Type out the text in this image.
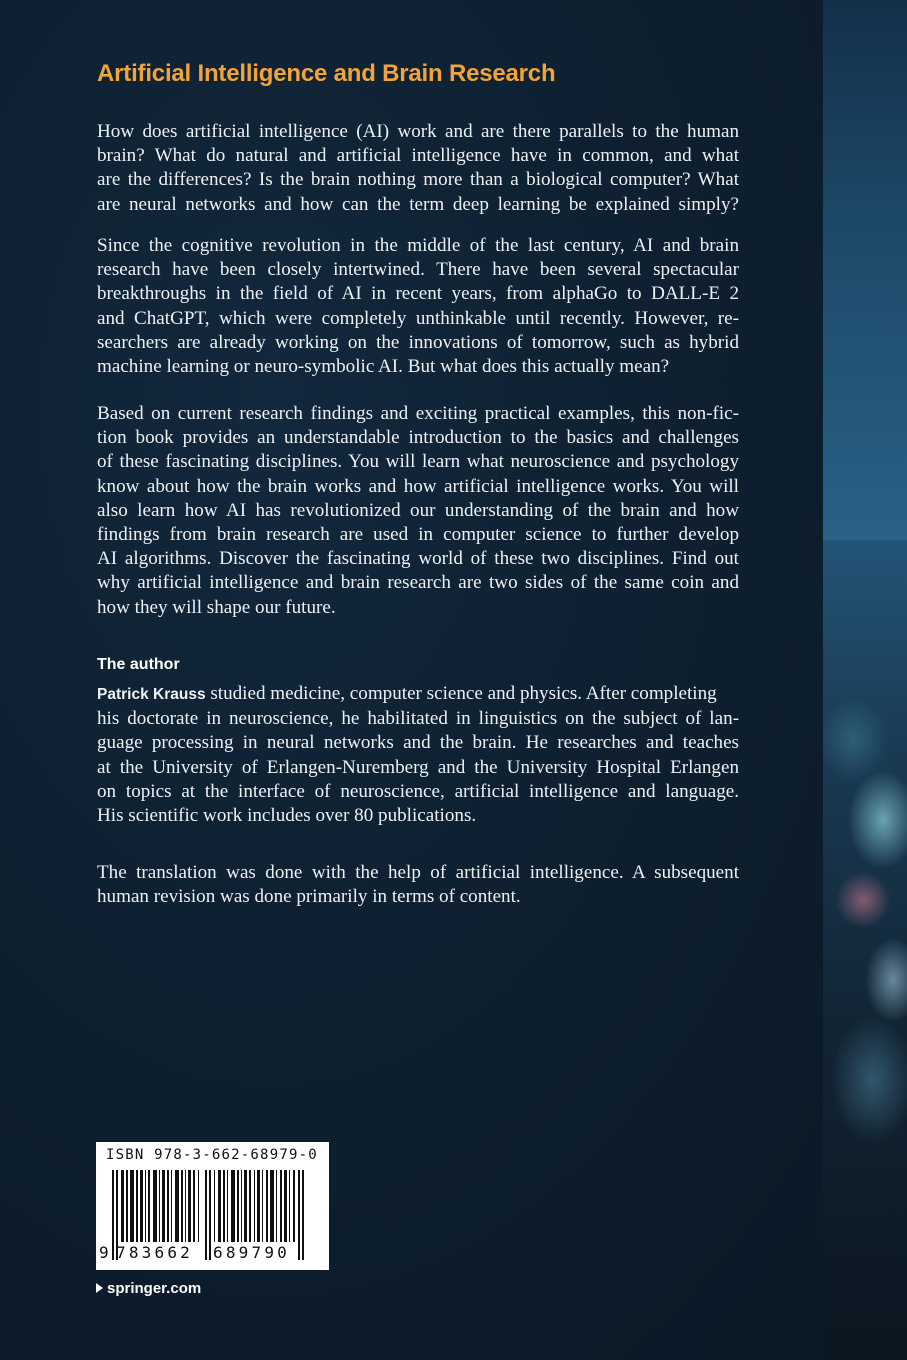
Artificial Intelligence and Brain Research

How does artificial intelligence (AI) work and are there parallels to the human
brain? What do natural and artificial intelligence have in common, and what
are the differences? Is the brain nothing more than a biological computer? What
are neural networks and how can the term deep learning be explained simply?

Since the cognitive revolution in the middle of the last century, AI and brain
research have been closely intertwined. There have been several spectacular
breakthroughs in the field of AI in recent years, from alphaGo to DALL-E 2
and ChatGPT, which were completely unthinkable until recently. However, re-
searchers are already working on the innovations of tomorrow, such as hybrid
machine learning or neuro-symbolic AI. But what does this actually mean?

Based on current research findings and exciting practical examples, this non-fic-
tion book provides an understandable introduction to the basics and challenges
of these fascinating disciplines. You will learn what neuroscience and psychology
know about how the brain works and how artificial intelligence works. You will
also learn how AI has revolutionized our understanding of the brain and how
findings from brain research are used in computer science to further develop
AI algorithms. Discover the fascinating world of these two disciplines. Find out
why artificial intelligence and brain research are two sides of the same coin and
how they will shape our future.

The author

Patrick Krauss studied medicine, computer science and physics. After completing
his doctorate in neuroscience, he habilitated in linguistics on the subject of lan-
guage processing in neural networks and the brain. He researches and teaches
at the University of Erlangen-Nuremberg and the University Hospital Erlangen
on topics at the interface of neuroscience, artificial intelligence and language.
His scientific work includes over 80 publications.

The translation was done with the help of artificial intelligence. A subsequent
human revision was done primarily in terms of content.

ISBN 978-3-662-68979-0
9 783662 689790
springer.com
